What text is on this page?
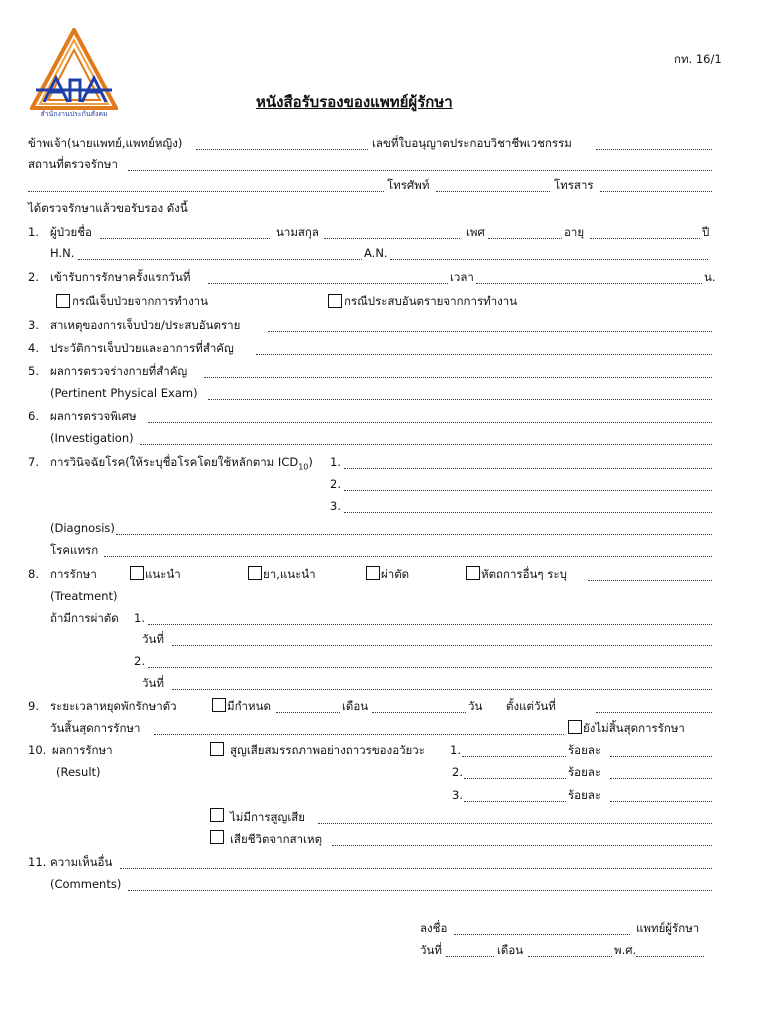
สำนักงานประกันสังคม
กท. 16/1
หนังสือรับรองของแพทย์ผู้รักษา
ข้าพเจ้า(นายแพทย์,แพทย์หญิง)	เลขที่ใบอนุญาตประกอบวิชาชีพเวชกรรม
สถานที่ตรวจรักษา
โทรศัพท์	โทรสาร
ได้ตรวจรักษาแล้วขอรับรอง ดังนี้
1. ผู้ป่วยชื่อ	นามสกุล	เพศ	อายุ	ปี
H.N.	A.N.
2. เข้ารับการรักษาครั้งแรกวันที่	เวลา	น.
กรณีเจ็บป่วยจากการทำงาน	กรณีประสบอันตรายจากการทำงาน
3. สาเหตุของการเจ็บป่วย/ประสบอันตราย
4. ประวัติการเจ็บป่วยและอาการที่สำคัญ
5. ผลการตรวจร่างกายที่สำคัญ
(Pertinent Physical Exam)
6. ผลการตรวจพิเศษ
(Investigation)
7. การวินิจฉัยโรค(ให้ระบุชื่อโรคโดยใช้หลักตาม $ICD_{10}$) 1.
2.
3.
(Diagnosis)
โรคแทรก
8. การรักษา	แนะนำ	ยา,แนะนำ	ผ่าตัด	หัตถการอื่นๆ ระบุ
(Treatment)
ถ้ามีการผ่าตัด 1.
วันที่
2.
วันที่
9. ระยะเวลาหยุดพักรักษาตัว	มีกำหนด	เดือน	วัน ตั้งแต่วันที่
วันสิ้นสุดการรักษา	ยังไม่สิ้นสุดการรักษา
10. ผลการรักษา	สูญเสียสมรรถภาพอย่างถาวรของอวัยวะ 1.	ร้อยละ
(Result)	2.	ร้อยละ
3.	ร้อยละ
ไม่มีการสูญเสีย
เสียชีวิตจากสาเหตุ
11. ความเห็นอื่น
(Comments)
ลงชื่อ	แพทย์ผู้รักษา
วันที่	เดือน	พ.ศ.
